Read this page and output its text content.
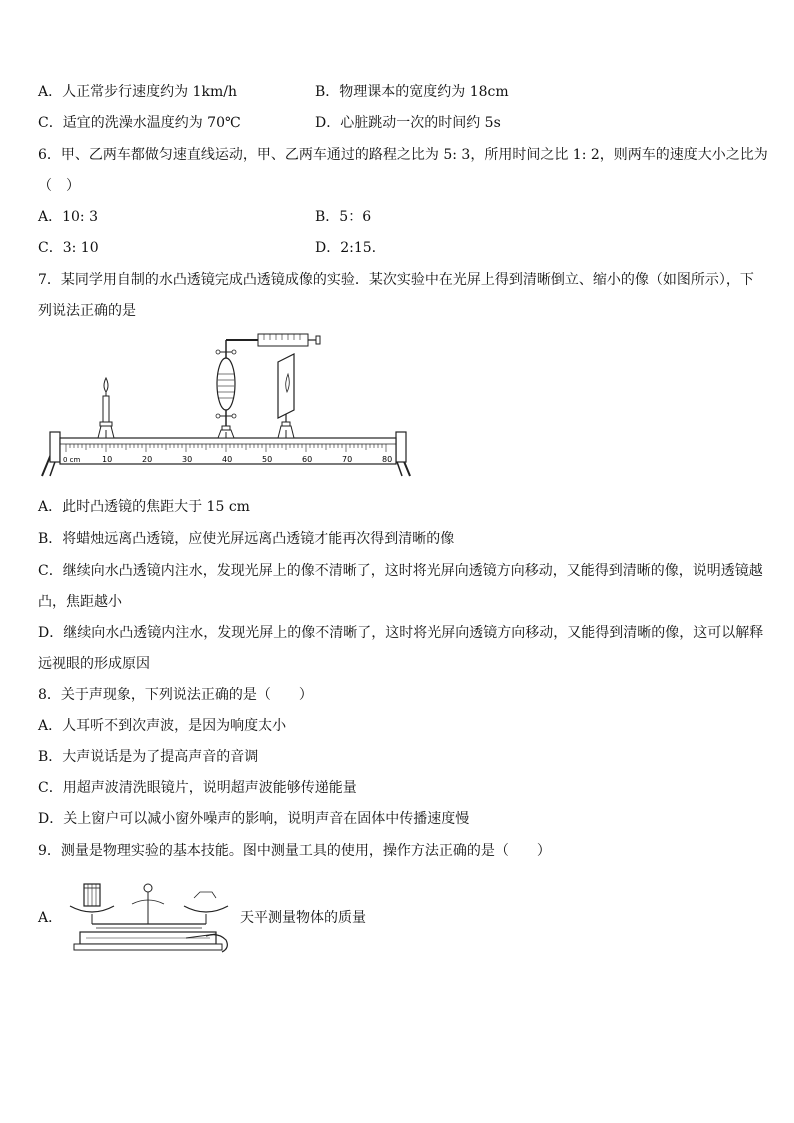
A．人正常步行速度约为 1km/h	B．物理课本的宽度约为 18cm
C．适宜的洗澡水温度约为 70℃	D．心脏跳动一次的时间约 5s
6．甲、乙两车都做匀速直线运动，甲、乙两车通过的路程之比为 5: 3，所用时间之比 1: 2，则两车的速度大小之比为
（　）
A．10: 3	B．5：6
C．3: 10	D．2:15.
7．某同学用自制的水凸透镜完成凸透镜成像的实验．某次实验中在光屏上得到清晰倒立、缩小的像（如图所示），下
列说法正确的是
0 cm	10	20	30	40	50	60	70	80
A．此时凸透镜的焦距大于 15 cm
B．将蜡烛远离凸透镜，应使光屏远离凸透镜才能再次得到清晰的像
C．继续向水凸透镜内注水，发现光屏上的像不清晰了，这时将光屏向透镜方向移动，又能得到清晰的像，说明透镜越
凸，焦距越小
D．继续向水凸透镜内注水，发现光屏上的像不清晰了，这时将光屏向透镜方向移动，又能得到清晰的像，这可以解释
远视眼的形成原因
8．关于声现象，下列说法正确的是（　　）
A．人耳听不到次声波，是因为响度太小
B．大声说话是为了提高声音的音调
C．用超声波清洗眼镜片，说明超声波能够传递能量
D．关上窗户可以减小窗外噪声的影响，说明声音在固体中传播速度慢
9．测量是物理实验的基本技能。图中测量工具的使用，操作方法正确的是（　　）
A．	天平测量物体的质量
